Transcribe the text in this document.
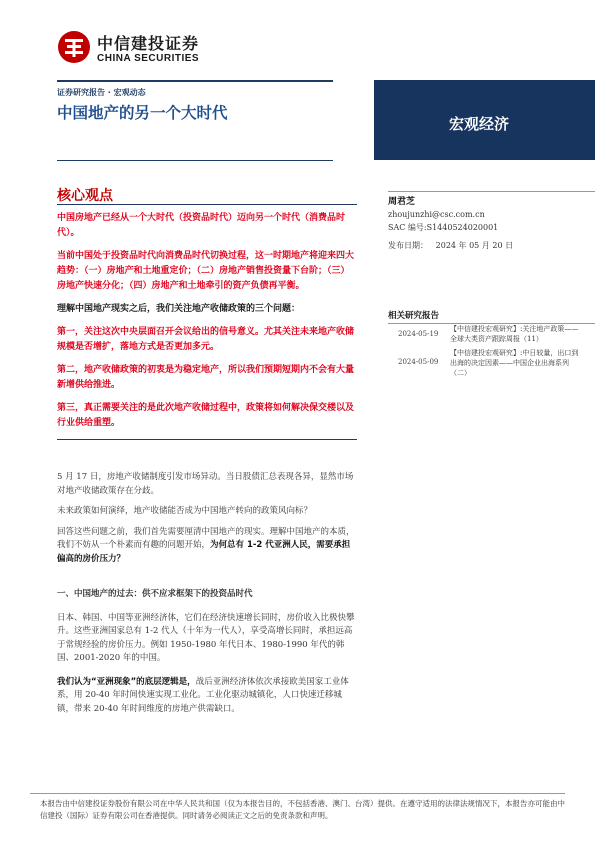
中信建投证券
CHINA SECURITIES
证券研究报告 · 宏观动态
中国地产的另一个大时代
宏观经济
核心观点

中国房地产已经从一个大时代（投资品时代）迈向另一个时代（消费品时代）。

当前中国处于投资品时代向消费品时代切换过程，这一时期地产将迎来四大趋势：（一）房地产和土地重定价；（二）房地产销售投资量下台阶；（三）房地产快速分化；（四）房地产和土地牵引的资产负债再平衡。

理解中国地产现实之后，我们关注地产收储政策的三个问题：

第一，关注这次中央层面召开会议给出的信号意义。尤其关注未来地产收储规模是否增扩，落地方式是否更加多元。

第二，地产收储政策的初衷是为稳定地产，所以我们预期短期内不会有大量新增供给推进。

第三，真正需要关注的是此次地产收储过程中，政策将如何解决保交楼以及行业供给重塑。

5 月 17 日，房地产收储制度引发市场异动。当日股债汇总表现各异，显然市场对地产收储政策存在分歧。

未来政策如何演绎，地产收储能否成为中国地产转向的政策风向标？

回答这些问题之前，我们首先需要厘清中国地产的现实。理解中国地产的本质，我们不妨从一个朴素而有趣的问题开始，为何总有 1-2 代亚洲人民，需要承担偏高的房价压力？

一、中国地产的过去：供不应求框架下的投资品时代

日本、韩国、中国等亚洲经济体，它们在经济快速增长同时，房价收入比极快攀升。这些亚洲国家总有 1-2 代人（十年为一代人），享受高增长同时，承担远高于常规经验的房价压力。例如 1950-1980 年代日本、1980-1990 年代的韩国、2001-2020 年的中国。

我们认为“亚洲现象”的底层逻辑是，战后亚洲经济体依次承接欧美国家工业体系，用 20-40 年时间快速实现工业化。工业化驱动城镇化，人口快速迁移城镇，带来 20-40 年时间维度的房地产供需缺口。

周君芝
zhoujunzhi@csc.com.cn
SAC 编号:S1440524020001
发布日期： 2024 年 05 月 20 日
相关研究报告
2024-05-19
【中信建投宏观研究】:关注地产政策——全球大类资产跟踪周报（11）
2024-05-09
【中信建投宏观研究】:中日较量，出口到出海的决定因素——中国企业出海系列（二）
本报告由中信建投证券股份有限公司在中华人民共和国（仅为本报告目的，不包括香港、澳门、台湾）提供。在遵守适用的法律法规情况下，本报告亦可能由中信建投（国际）证券有限公司在香港提供。同时请务必阅读正文之后的免责条款和声明。
